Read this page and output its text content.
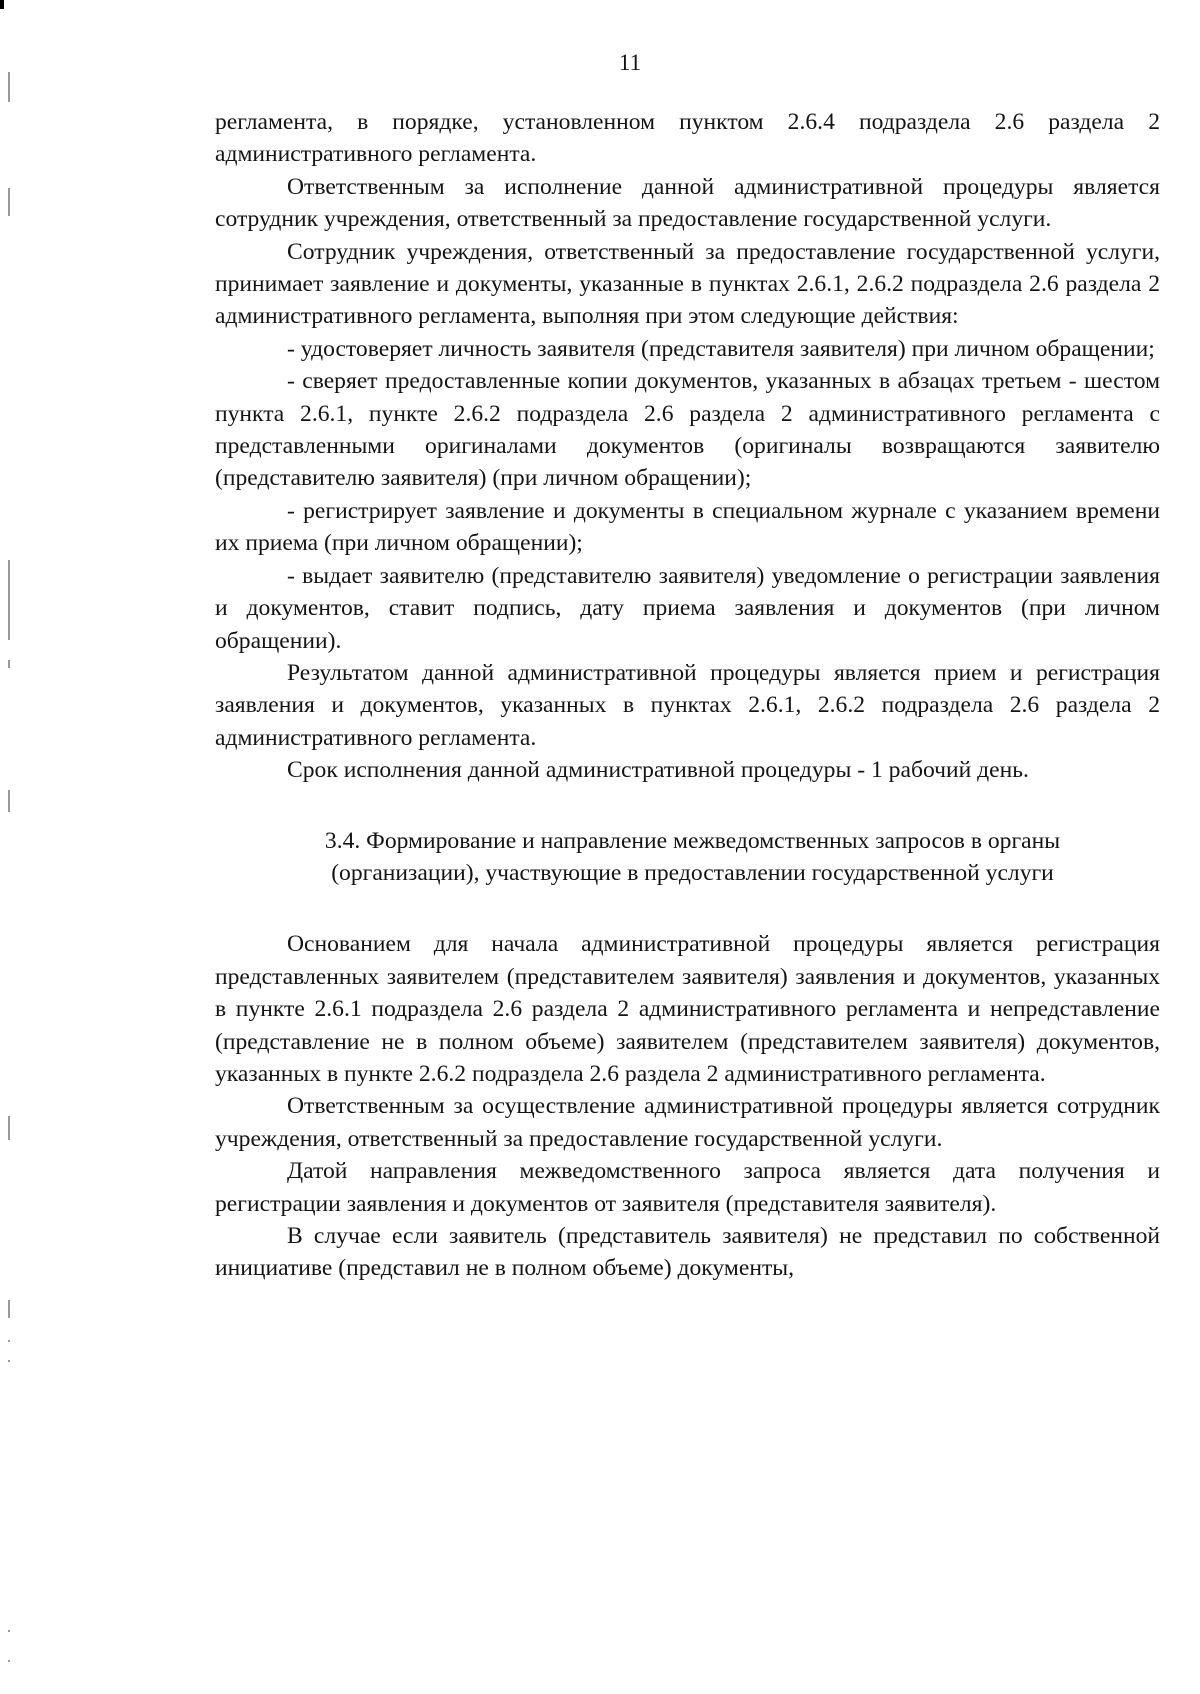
11

регламента, в порядке, установленном пунктом 2.6.4 подраздела 2.6 раздела 2 административного регламента.

Ответственным за исполнение данной административной процедуры является сотрудник учреждения, ответственный за предоставление государственной услуги.

Сотрудник учреждения, ответственный за предоставление государственной услуги, принимает заявление и документы, указанные в пунктах 2.6.1, 2.6.2 подраздела 2.6 раздела 2 административного регламента, выполняя при этом следующие действия:

- удостоверяет личность заявителя (представителя заявителя) при личном обращении;

- сверяет предоставленные копии документов, указанных в абзацах третьем - шестом пункта 2.6.1, пункте 2.6.2 подраздела 2.6 раздела 2 административного регламента с представленными оригиналами документов (оригиналы возвращаются заявителю (представителю заявителя) (при личном обращении);

- регистрирует заявление и документы в специальном журнале с указанием времени их приема (при личном обращении);

- выдает заявителю (представителю заявителя) уведомление о регистрации заявления и документов, ставит подпись, дату приема заявления и документов (при личном обращении).

Результатом данной административной процедуры является прием и регистрация заявления и документов, указанных в пунктах 2.6.1, 2.6.2 подраздела 2.6 раздела 2 административного регламента.

Срок исполнения данной административной процедуры - 1 рабочий день.

3.4. Формирование и направление межведомственных запросов в органы
(организации), участвующие в предоставлении государственной услуги

Основанием для начала административной процедуры является регистрация представленных заявителем (представителем заявителя) заявления и документов, указанных в пункте 2.6.1 подраздела 2.6 раздела 2 административного регламента и непредставление (представление не в полном объеме) заявителем (представителем заявителя) документов, указанных в пункте 2.6.2 подраздела 2.6 раздела 2 административного регламента.

Ответственным за осуществление административной процедуры является сотрудник учреждения, ответственный за предоставление государственной услуги.

Датой направления межведомственного запроса является дата получения и регистрации заявления и документов от заявителя (представителя заявителя).

В случае если заявитель (представитель заявителя) не представил по собственной инициативе (представил не в полном объеме) документы,
